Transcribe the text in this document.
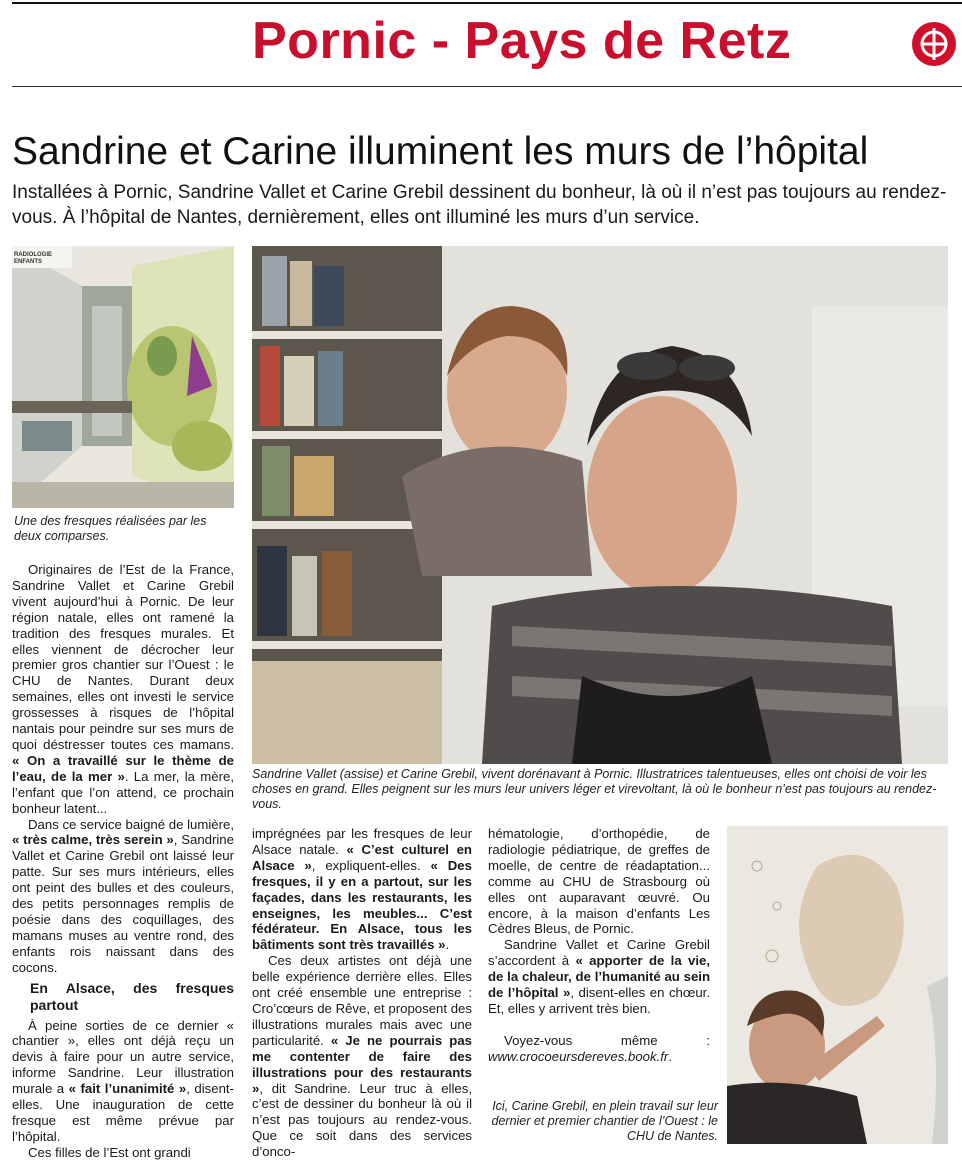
Pornic - Pays de Retz
Sandrine et Carine illuminent les murs de l’hôpital
Installées à Pornic, Sandrine Vallet et Carine Grebil dessinent du bonheur, là où il n’est pas toujours au rendez-vous. À l’hôpital de Nantes, dernièrement, elles ont illuminé les murs d’un service.
RADIOLOGIE ENFANTS
Une des fresques réalisées par les deux comparses.
Sandrine Vallet (assise) et Carine Grebil, vivent dorénavant à Pornic. Illustratrices talentueuses, elles ont choisi de voir les choses en grand. Elles peignent sur les murs leur univers léger et virevoltant, là où le bonheur n’est pas toujours au rendez-vous.
Ici, Carine Grebil, en plein travail sur leur dernier et premier chantier de l’Ouest : le CHU de Nantes.

Originaires de l’Est de la France, Sandrine Vallet et Carine Grebil vivent aujourd’hui à Pornic. De leur région natale, elles ont ramené la tradition des fresques murales. Et elles viennent de décrocher leur premier gros chantier sur l’Ouest : le CHU de Nantes. Durant deux semaines, elles ont investi le service grossesses à risques de l’hôpital nantais pour peindre sur ses murs de quoi déstresser toutes ces mamans. « On a travaillé sur le thème de l’eau, de la mer ». La mer, la mère, l’enfant que l’on attend, ce prochain bonheur latent...

Dans ce service baigné de lumière, « très calme, très serein », Sandrine Vallet et Carine Grebil ont laissé leur patte. Sur ses murs intérieurs, elles ont peint des bulles et des couleurs, des petits personnages remplis de poésie dans des coquillages, des mamans muses au ventre rond, des enfants rois naissant dans des cocons.

En Alsace, des fresques partout

À peine sorties de ce dernier « chantier », elles ont déjà reçu un devis à faire pour un autre service, informe Sandrine. Leur illustration murale a « fait l’unanimité », disent-elles. Une inauguration de cette fresque est même prévue par l’hôpital.

Ces filles de l’Est ont grandi

imprégnées par les fresques de leur Alsace natale. « C’est culturel en Alsace », expliquent-elles. « Des fresques, il y en a partout, sur les façades, dans les restaurants, les enseignes, les meubles... C’est fédérateur. En Alsace, tous les bâtiments sont très travaillés ».

Ces deux artistes ont déjà une belle expérience derrière elles. Elles ont créé ensemble une entreprise : Cro’cœurs de Rêve, et proposent des illustrations murales mais avec une particularité. « Je ne pourrais pas me contenter de faire des illustrations pour des restaurants », dit Sandrine. Leur truc à elles, c’est de dessiner du bonheur là où il n’est pas toujours au rendez-vous. Que ce soit dans des services d’onco-

hématologie, d’orthopédie, de radiologie pédiatrique, de greffes de moelle, de centre de réadaptation... comme au CHU de Strasbourg où elles ont auparavant œuvré. Ou encore, à la maison d’enfants Les Cèdres Bleus, de Pornic.

Sandrine Vallet et Carine Grebil s’accordent à « apporter de la vie, de la chaleur, de l’humanité au sein de l’hôpital », disent-elles en chœur. Et, elles y arrivent très bien.

Voyez-vous même : www.crocoeursdereves.book.fr.
